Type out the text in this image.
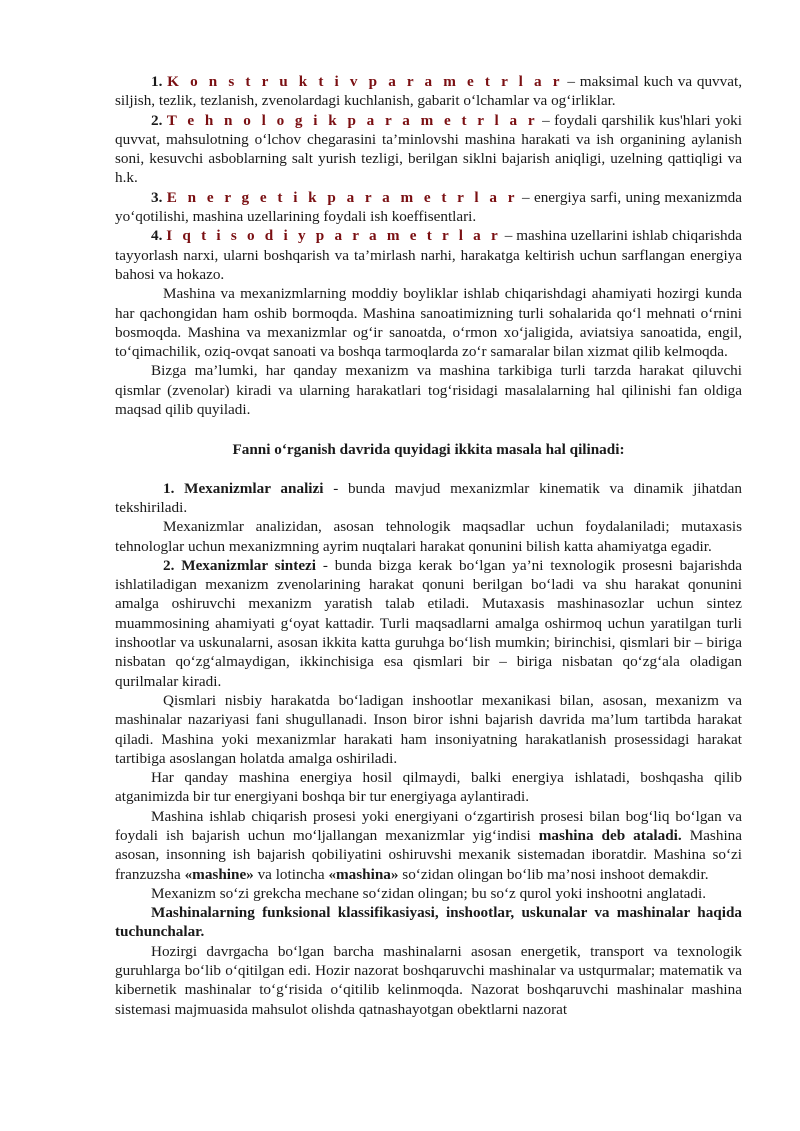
1. K o n s t r u k t i v p a r a m e t r l a r – maksimal kuch va quvvat, siljish, tezlik, tezlanish, zvenolardagi kuchlanish, gabarit o‘lchamlar va og‘irliklar.

2. T e h n o l o g i k p a r a m e t r l a r – foydali qarshilik kus'hlari yoki quvvat, mahsulotning o‘lchov chegarasini ta’minlovshi mashina harakati va ish organining aylanish soni, kesuvchi asboblarning salt yurish tezligi, berilgan siklni bajarish aniqligi, uzelning qattiqligi va h.k.

3. E n e r g e t i k p a r a m e t r l a r – energiya sarfi, uning mexanizmda yo‘qotilishi, mashina uzellarining foydali ish koeffisentlari.

4. I q t i s o d i y p a r a m e t r l a r – mashina uzellarini ishlab chiqarishda tayyorlash narxi, ularni boshqarish va ta’mirlash narhi, harakatga keltirish uchun sarflangan energiya bahosi va hokazo.

Mashina va mexanizmlarning moddiy boyliklar ishlab chiqarishdagi ahamiyati hozirgi kunda har qachongidan ham oshib bormoqda. Mashina sanoatimizning turli sohalarida qo‘l mehnati o‘rnini bosmoqda. Mashina va mexanizmlar og‘ir sanoatda, o‘rmon xo‘jaligida, aviatsiya sanoatida, engil, to‘qimachilik, oziq-ovqat sanoati va boshqa tarmoqlarda zo‘r samaralar bilan xizmat qilib kelmoqda.

Bizga ma’lumki, har qanday mexanizm va mashina tarkibiga turli tarzda harakat qiluvchi qismlar (zvenolar) kiradi va ularning harakatlari tog‘risidagi masalalarning hal qilinishi fan oldiga maqsad qilib quyiladi.

Fanni o‘rganish davrida quyidagi ikkita masala hal qilinadi:

1. Mexanizmlar analizi - bunda mavjud mexanizmlar kinematik va dinamik jihatdan tekshiriladi.

Mexanizmlar analizidan, asosan tehnologik maqsadlar uchun foydalaniladi; mutaxasis tehnologlar uchun mexanizmning ayrim nuqtalari harakat qonunini bilish katta ahamiyatga egadir.

2. Mexanizmlar sintezi - bunda bizga kerak bo‘lgan ya’ni texnologik prosesni bajarishda ishlatiladigan mexanizm zvenolarining harakat qonuni berilgan bo‘ladi va shu harakat qonunini amalga oshiruvchi mexanizm yaratish talab etiladi. Mutaxasis mashinasozlar uchun sintez muammosining ahamiyati g‘oyat kattadir. Turli maqsadlarni amalga oshirmoq uchun yaratilgan turli inshootlar va uskunalarni, asosan ikkita katta guruhga bo‘lish mumkin; birinchisi, qismlari bir – biriga nisbatan qo‘zg‘almaydigan, ikkinchisiga esa qismlari bir – biriga nisbatan qo‘zg‘ala oladigan qurilmalar kiradi.

Qismlari nisbiy harakatda bo‘ladigan inshootlar mexanikasi bilan, asosan, mexanizm va mashinalar nazariyasi fani shugullanadi. Inson biror ishni bajarish davrida ma’lum tartibda harakat qiladi. Mashina yoki mexanizmlar harakati ham insoniyatning harakatlanish prosessidagi harakat tartibiga asoslangan holatda amalga oshiriladi.

Har qanday mashina energiya hosil qilmaydi, balki energiya ishlatadi, boshqasha qilib atganimizda bir tur energiyani boshqa bir tur energiyaga aylantiradi.

Mashina ishlab chiqarish prosesi yoki energiyani o‘zgartirish prosesi bilan bog‘liq bo‘lgan va foydali ish bajarish uchun mo‘ljallangan mexanizmlar yig‘indisi mashina deb ataladi. Mashina asosan, insonning ish bajarish qobiliyatini oshiruvshi mexanik sistemadan iboratdir. Mashina so‘zi franzuzsha «mashine» va lotincha «mashina» so‘zidan olingan bo‘lib ma’nosi inshoot demakdir.

Mexanizm so‘zi grekcha mechane so‘zidan olingan; bu so‘z qurol yoki inshootni anglatadi.

Mashinalarning funksional klassifikasiyasi, inshootlar, uskunalar va mashinalar haqida tuchunchalar.

Hozirgi davrgacha bo‘lgan barcha mashinalarni asosan energetik, transport va texnologik guruhlarga bo‘lib o‘qitilgan edi. Hozir nazorat boshqaruvchi mashinalar va ustqurmalar; matematik va kibernetik mashinalar to‘g‘risida o‘qitilib kelinmoqda. Nazorat boshqaruvchi mashinalar mashina sistemasi majmuasida mahsulot olishda qatnashayotgan obektlarni nazorat
